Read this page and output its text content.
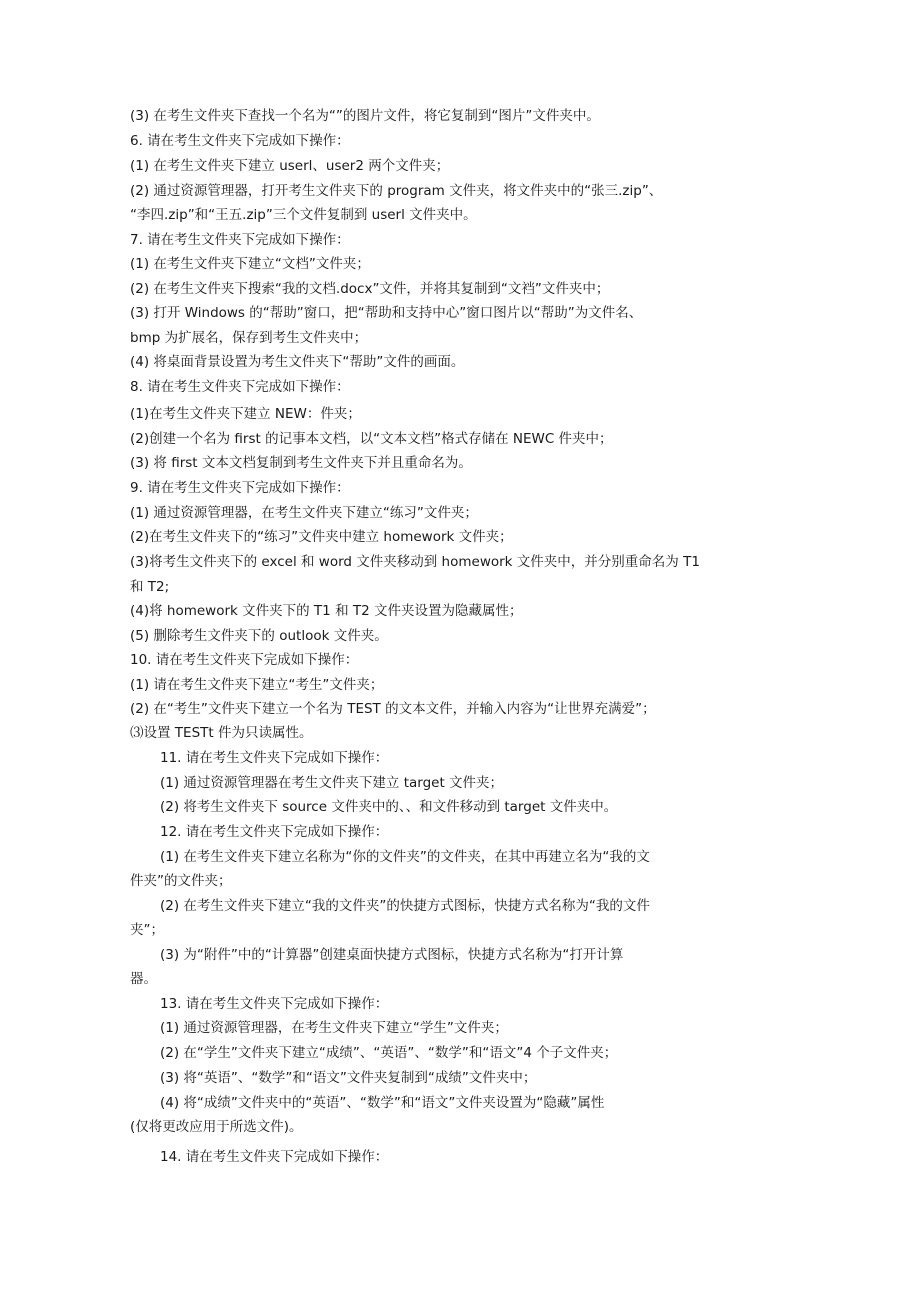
(3) 在考生文件夹下查找一个名为“”的图片文件，将它复制到“图片”文件夹中。
6. 请在考生文件夹下完成如下操作：
(1) 在考生文件夹下建立 userl、user2 两个文件夹；
(2) 通过资源管理器，打开考生文件夹下的 program 文件夹，将文件夹中的“张三.zip”、
“李四.zip”和“王五.zip”三个文件复制到 userl 文件夹中。
7. 请在考生文件夹下完成如下操作：
(1) 在考生文件夹下建立“文档”文件夹；
(2) 在考生文件夹下搜索“我的文档.docx”文件，并将其复制到“文裆”文件夹中；
(3) 打开 Windows 的“帮助”窗口，把“帮助和支持中心”窗口图片以“帮助”为文件名、
bmp 为扩展名，保存到考生文件夹中；
(4) 将桌面背景设置为考生文件夹下“帮助”文件的画面。
8. 请在考生文件夹下完成如下操作：
(1)在考生文件夹下建立 NEW：件夹；
(2)创建一个名为 first 的记事本文档，以“文本文档”格式存储在 NEWC 件夹中；
(3) 将 first 文本文档复制到考生文件夹下并且重命名为。
9. 请在考生文件夹下完成如下操作：
(1) 通过资源管理器，在考生文件夹下建立“练习”文件夹；
(2)在考生文件夹下的“练习”文件夹中建立 homework 文件夹；
(3)将考生文件夹下的 excel 和 word 文件夹移动到 homework 文件夹中，并分别重命名为 T1
和 T2;
(4)将 homework 文件夹下的 T1 和 T2 文件夹设置为隐藏属性；
(5) 删除考生文件夹下的 outlook 文件夹。
10. 请在考生文件夹下完成如下操作：
(1) 请在考生文件夹下建立“考生”文件夹；
(2) 在“考生”文件夹下建立一个名为 TEST 的文本文件，并输入内容为“让世界充满爱”；
⑶设置 TESTt 件为只读属性。
11. 请在考生文件夹下完成如下操作：
(1) 通过资源管理器在考生文件夹下建立 target 文件夹；
(2) 将考生文件夹下 source 文件夹中的、、和文件移动到 target 文件夹中。
12. 请在考生文件夹下完成如下操作：
(1) 在考生文件夹下建立名称为“你的文件夹”的文件夹，在其中再建立名为“我的文
件夹”的文件夹；
(2) 在考生文件夹下建立“我的文件夹”的快捷方式图标，快捷方式名称为“我的文件
夹”；
(3) 为“附件”中的“计算器”创建桌面快捷方式图标，快捷方式名称为“打开计算
器。
13. 请在考生文件夹下完成如下操作：
(1) 通过资源管理器，在考生文件夹下建立“学生”文件夹；
(2) 在“学生”文件夹下建立“成绩”、“英语”、“数学”和“语文”4 个子文件夹；
(3) 将“英语”、“数学”和“语文”文件夹复制到“成绩”文件夹中；
(4) 将“成绩”文件夹中的“英语”、“数学”和“语文”文件夹设置为“隐藏”属性
(仅将更改应用于所选文件)。
14. 请在考生文件夹下完成如下操作：
